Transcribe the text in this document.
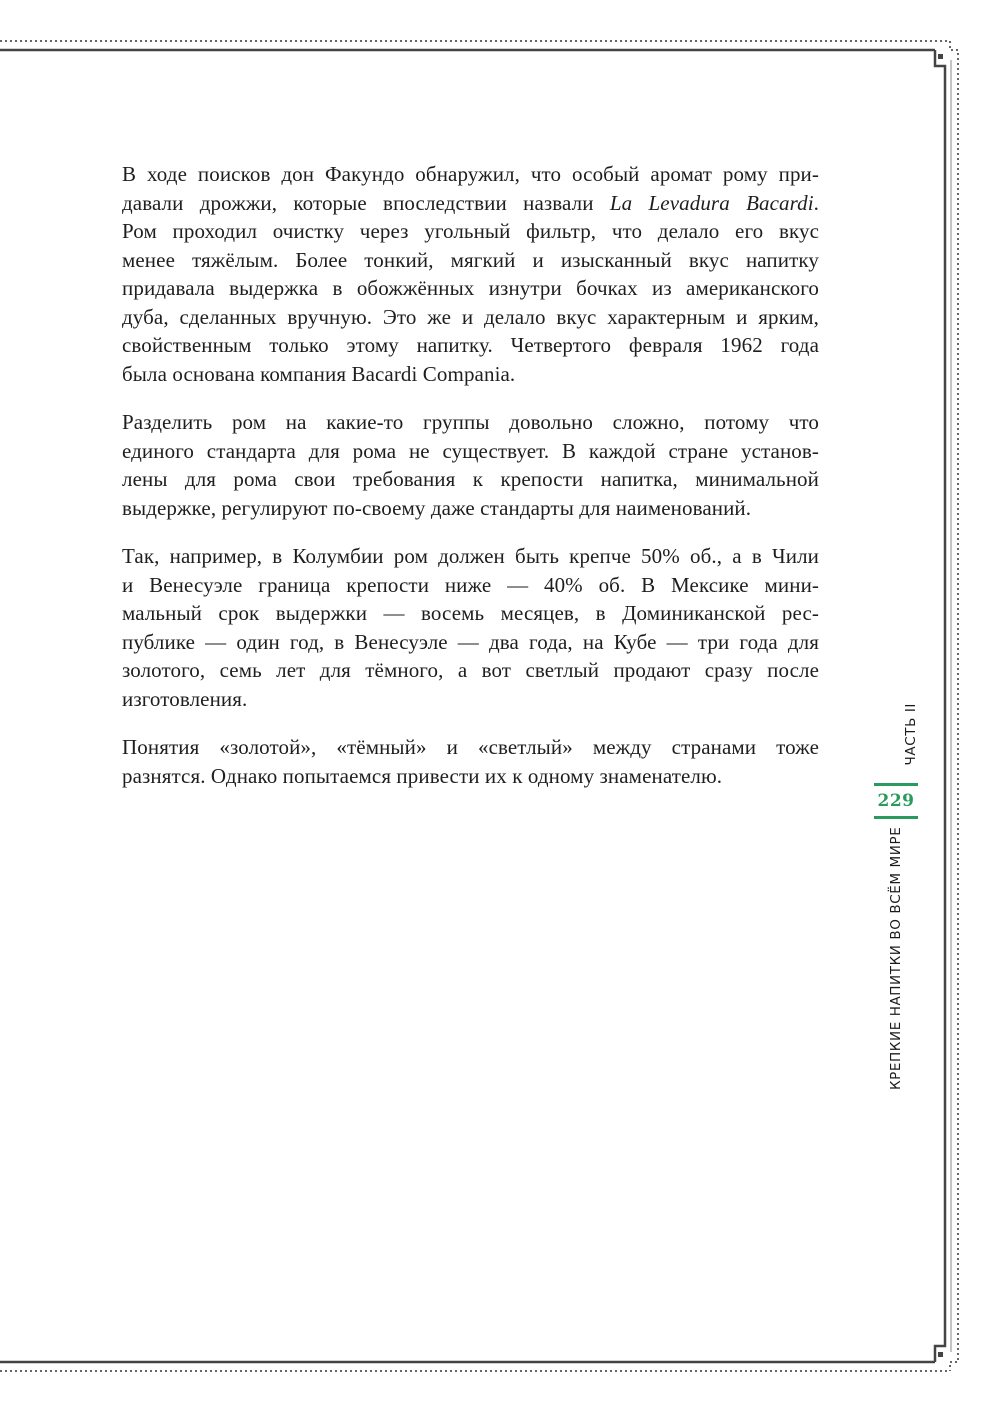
В ходе поисков дон Факундо обнаружил, что особый аромат рому при-
давали дрожжи, которые впоследствии назвали La Levadura Bacardi.
Ром проходил очистку через угольный фильтр, что делало его вкус
менее тяжёлым. Более тонкий, мягкий и изысканный вкус напитку
придавала выдержка в обожжённых изнутри бочках из американского
дуба, сделанных вручную. Это же и делало вкус характерным и ярким,
свойственным только этому напитку. Четвертого февраля 1962 года
была основана компания Bacardi Compania.

Разделить ром на какие-то группы довольно сложно, потому что
единого стандарта для рома не существует. В каждой стране установ-
лены для рома свои требования к крепости напитка, минимальной
выдержке, регулируют по-своему даже стандарты для наименований.

Так, например, в Колумбии ром должен быть крепче 50% об., а в Чили
и Венесуэле граница крепости ниже — 40% об. В Мексике мини-
мальный срок выдержки — восемь месяцев, в Доминиканской рес-
публике — один год, в Венесуэле — два года, на Кубе — три года для
золотого, семь лет для тёмного, а вот светлый продают сразу после
изготовления.

Понятия «золотой», «тёмный» и «светлый» между странами тоже
разнятся. Однако попытаемся привести их к одному знаменателю.

ЧАСТЬ II
229
КРЕПКИЕ НАПИТКИ ВО ВСЁМ МИРЕ
